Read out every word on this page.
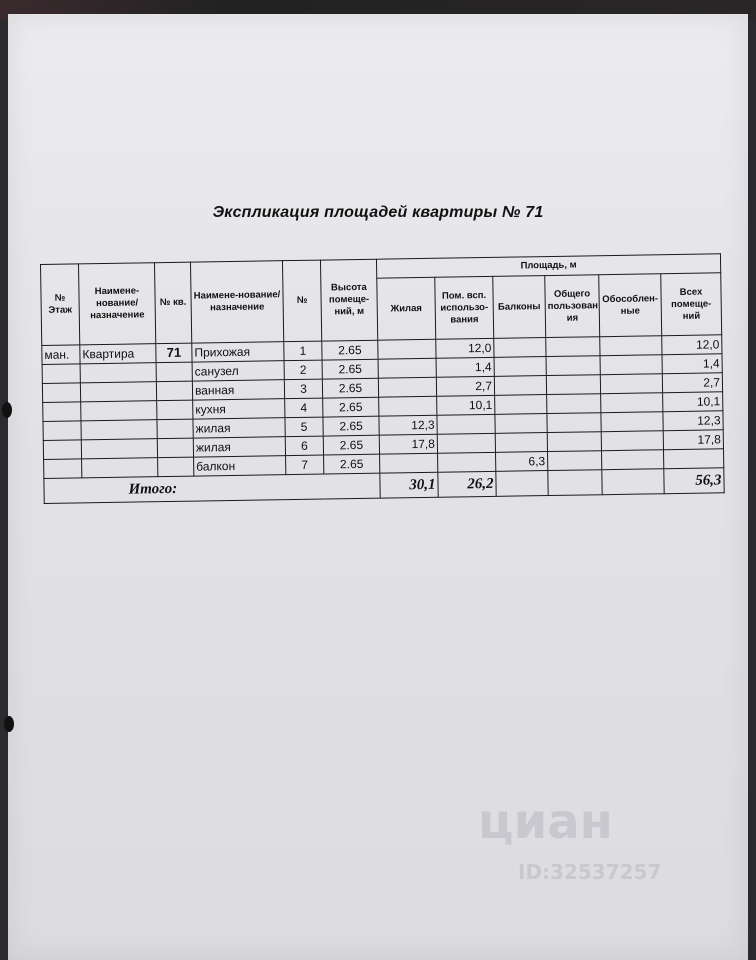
Экспликация площадей квартиры № 71
№ Этаж	Наимене-нование/ назначение	№ кв.	Наимене-нование/ назначение	№	Высота помеще-ний, м	Площадь, м					
						Жилая	Пом. всп. использо-вания	Балконы	Общего пользован ия	Обособлен-ные	Всех помеще-ний
ман.	Квартира	71	Прихожая	1	2.65		12,0				12,0
			санузел	2	2.65		1,4				1,4
			ванная	3	2.65		2,7				2,7
			кухня	4	2.65		10,1				10,1
			жилая	5	2.65	12,3					12,3
			жилая	6	2.65	17,8					17,8
			балкон	7	2.65			6,3			
Итого:						30,1	26,2				56,3
циан
ID:32537257
